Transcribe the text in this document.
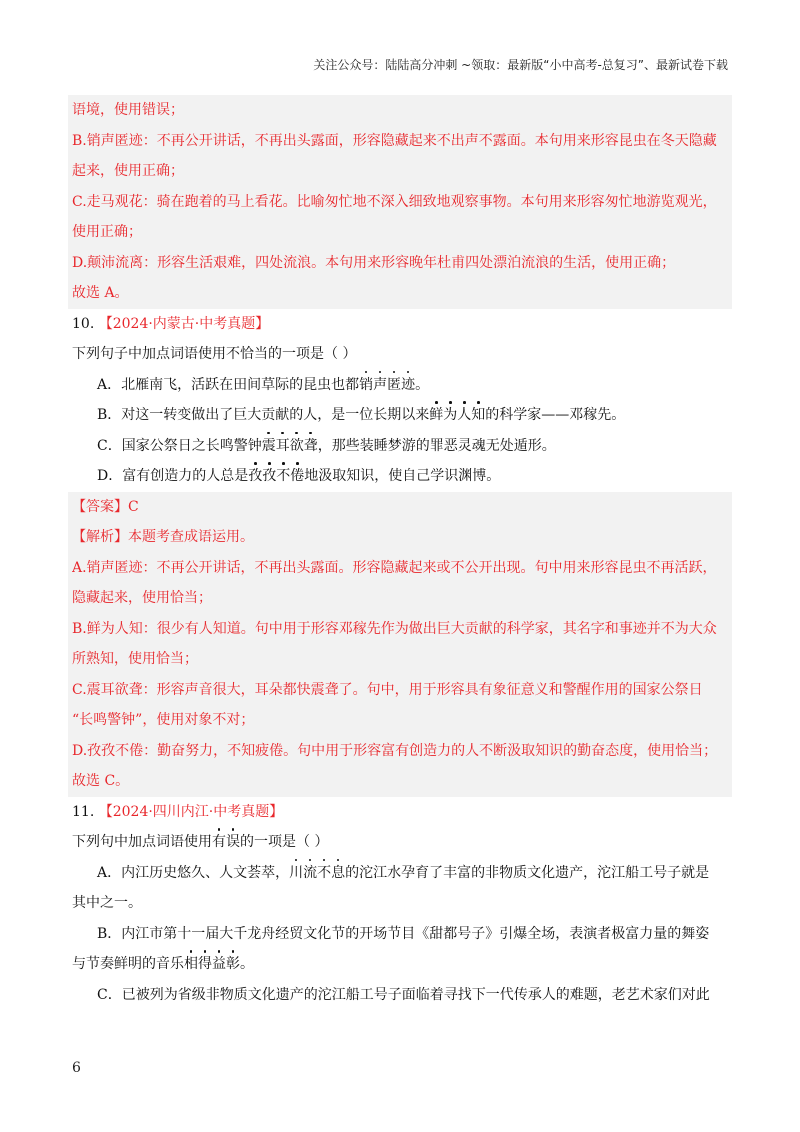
关注公众号：陆陆高分冲刺 ~领取：最新版“小中高考-总复习”、最新试卷下载
语境，使用错误；
B.销声匿迹：不再公开讲话，不再出头露面，形容隐藏起来不出声不露面。本句用来形容昆虫在冬天隐藏
起来，使用正确；
C.走马观花：骑在跑着的马上看花。比喻匆忙地不深入细致地观察事物。本句用来形容匆忙地游览观光，
使用正确；
D.颠沛流离：形容生活艰难，四处流浪。本句用来形容晚年杜甫四处漂泊流浪的生活，使用正确；
故选 A。
10. 【2024·内蒙古·中考真题】
下列句子中加点词语使用不恰当的一项是（ ）
A．北雁南飞，活跃在田间草际的昆虫也都销声匿迹。
B．对这一转变做出了巨大贡献的人，是一位长期以来鲜为人知的科学家——邓稼先。
C．国家公祭日之长鸣警钟震耳欲聋，那些装睡梦游的罪恶灵魂无处遁形。
D．富有创造力的人总是孜孜不倦地汲取知识，使自己学识渊博。
【答案】C
【解析】本题考查成语运用。
A.销声匿迹：不再公开讲话，不再出头露面。形容隐藏起来或不公开出现。句中用来形容昆虫不再活跃，
隐藏起来，使用恰当；
B.鲜为人知：很少有人知道。句中用于形容邓稼先作为做出巨大贡献的科学家，其名字和事迹并不为大众
所熟知，使用恰当；
C.震耳欲聋：形容声音很大，耳朵都快震聋了。句中，用于形容具有象征意义和警醒作用的国家公祭日
“长鸣警钟”，使用对象不对；
D.孜孜不倦：勤奋努力，不知疲倦。句中用于形容富有创造力的人不断汲取知识的勤奋态度，使用恰当；
故选 C。
11. 【2024·四川内江·中考真题】
下列句中加点词语使用有误的一项是（ ）
A．内江历史悠久、人文荟萃，川流不息的沱江水孕育了丰富的非物质文化遗产，沱江船工号子就是
其中之一。
B．内江市第十一届大千龙舟经贸文化节的开场节目《甜都号子》引爆全场，表演者极富力量的舞姿
与节奏鲜明的音乐相得益彰。
C．已被列为省级非物质文化遗产的沱江船工号子面临着寻找下一代传承人的难题，老艺术家们对此
6
